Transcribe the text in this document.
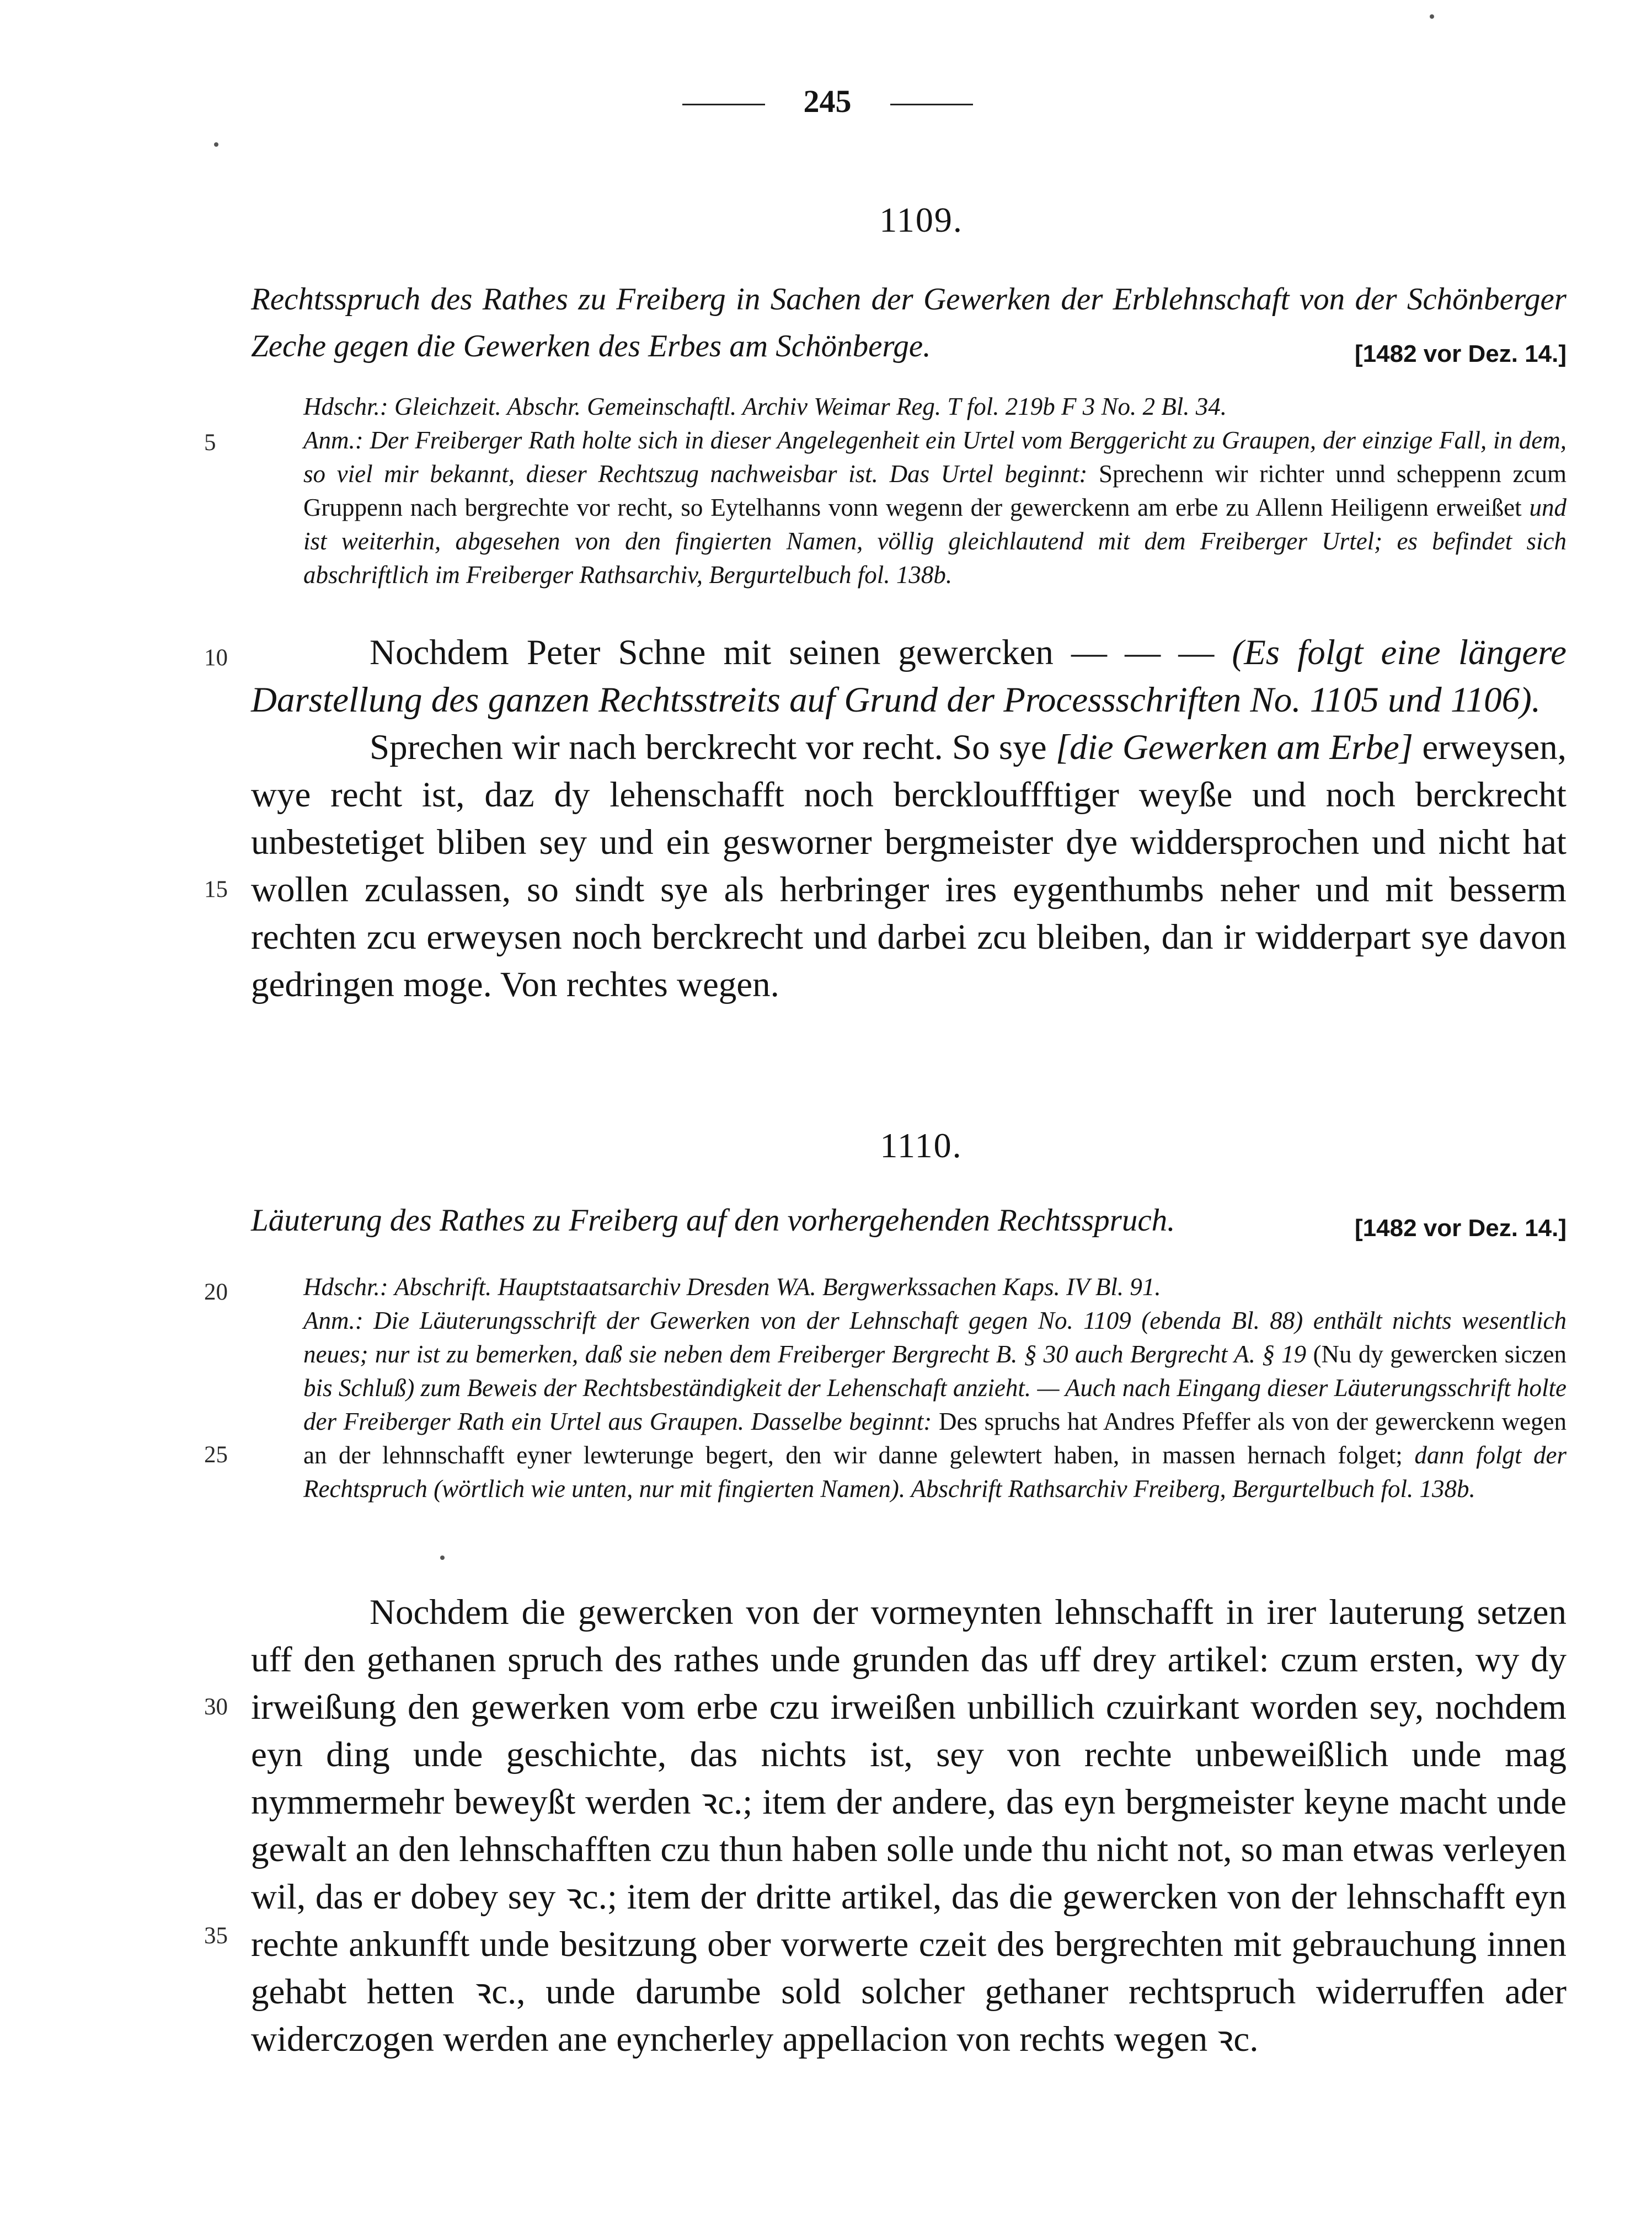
245
1109.
Rechtsspruch des Rathes zu Freiberg in Sachen der Gewerken der Erblehnschaft von der Schönberger Zeche gegen die Gewerken des Erbes am Schönberge.	[1482 vor Dez. 14.]

Hdschr.: Gleichzeit. Abschr. Gemeinschaftl. Archiv Weimar Reg. T fol. 219b F 3 No. 2 Bl. 34.

Anm.: Der Freiberger Rath holte sich in dieser Angelegenheit ein Urtel vom Berggericht zu Graupen, der einzige Fall, in dem, so viel mir bekannt, dieser Rechtszug nachweisbar ist. Das Urtel beginnt: Sprechenn wir richter unnd scheppenn zcum Gruppenn nach bergrechte vor recht, so Eytelhanns vonn wegenn der gewerckenn am erbe zu Allenn Heiligenn erweißet und ist weiterhin, abgesehen von den fingierten Namen, völlig gleichlautend mit dem Freiberger Urtel; es befindet sich abschriftlich im Freiberger Rathsarchiv, Bergurtelbuch fol. 138b.

Nochdem Peter Schne mit seinen gewercken — — — (Es folgt eine längere Darstellung des ganzen Rechtsstreits auf Grund der Processschriften No. 1105 und 1106).

Sprechen wir nach berckrecht vor recht. So sye [die Gewerken am Erbe] erweysen, wye recht ist, daz dy lehenschafft noch bercklouffftiger weyße und noch berckrecht unbestetiget bliben sey und ein gesworner bergmeister dye widdersprochen und nicht hat wollen zculassen, so sindt sye als herbringer ires eygenthumbs neher und mit besserm rechten zcu erweysen noch berckrecht und darbei zcu bleiben, dan ir widderpart sye davon gedringen moge. Von rechtes wegen.

1110.
Läuterung des Rathes zu Freiberg auf den vorhergehenden Rechtsspruch.	[1482 vor Dez. 14.]

Hdschr.: Abschrift. Hauptstaatsarchiv Dresden WA. Bergwerkssachen Kaps. IV Bl. 91.

Anm.: Die Läuterungsschrift der Gewerken von der Lehnschaft gegen No. 1109 (ebenda Bl. 88) enthält nichts wesentlich neues; nur ist zu bemerken, daß sie neben dem Freiberger Bergrecht B. § 30 auch Bergrecht A. § 19 (Nu dy gewercken siczen bis Schluß) zum Beweis der Rechtsbeständigkeit der Lehenschaft anzieht. — Auch nach Eingang dieser Läuterungsschrift holte der Freiberger Rath ein Urtel aus Graupen. Dasselbe beginnt: Des spruchs hat Andres Pfeffer als von der gewerckenn wegen an der lehnnschafft eyner lewterunge begert, den wir danne gelewtert haben, in massen hernach folget; dann folgt der Rechtspruch (wörtlich wie unten, nur mit fingierten Namen). Abschrift Rathsarchiv Freiberg, Bergurtelbuch fol. 138b.

Nochdem die gewercken von der vormeynten lehnschafft in irer lauterung setzen uff den gethanen spruch des rathes unde grunden das uff drey artikel: czum ersten, wy dy irweißung den gewerken vom erbe czu irweißen unbillich czuirkant worden sey, nochdem eyn ding unde geschichte, das nichts ist, sey von rechte unbeweißlich unde mag nymmermehr beweyßt werden ꝛc.; item der andere, das eyn bergmeister keyne macht unde gewalt an den lehnschafften czu thun haben solle unde thu nicht not, so man etwas verleyen wil, das er dobey sey ꝛc.; item der dritte artikel, das die gewercken von der lehnschafft eyn rechte ankunfft unde besitzung ober vorwerte czeit des bergrechten mit gebrauchung innen gehabt hetten ꝛc., unde darumbe sold solcher gethaner rechtspruch widerruffen ader widerczogen werden ane eyncherley appellacion von rechts wegen ꝛc.

5
10
15
20
25
30
35
